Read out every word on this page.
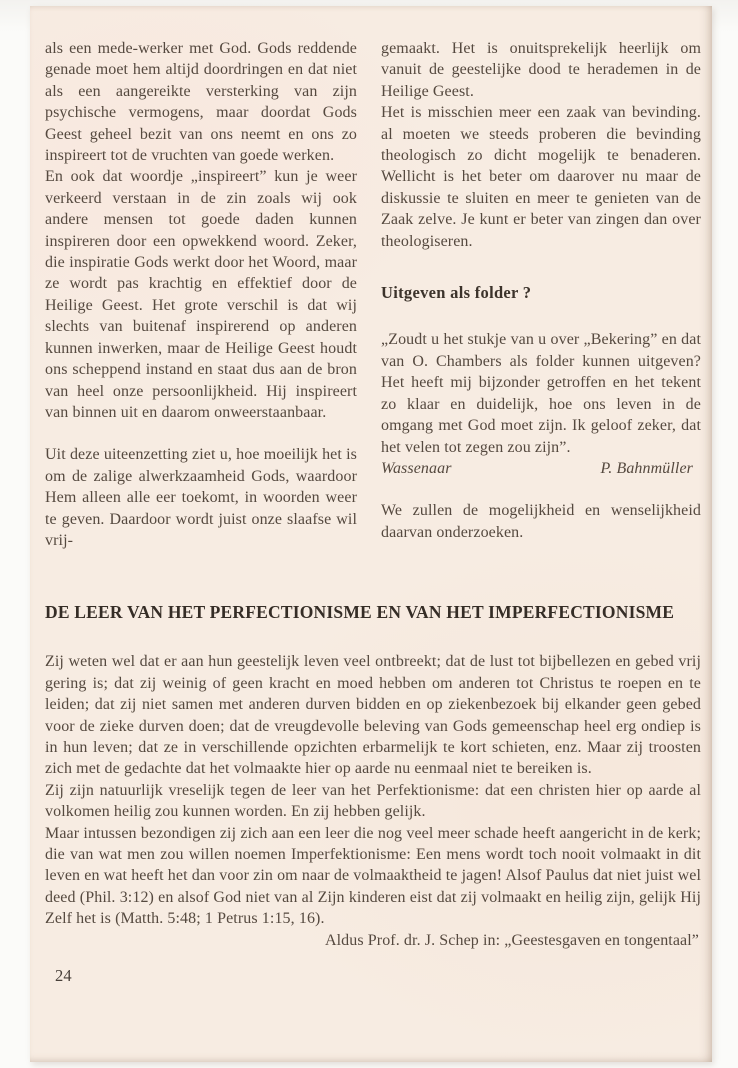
als een mede-werker met God. Gods reddende genade moet hem altijd doordringen en dat niet als een aangereikte versterking van zijn psychische vermogens, maar doordat Gods Geest geheel bezit van ons neemt en ons zo inspireert tot de vruchten van goede werken.

En ook dat woordje „inspireert” kun je weer verkeerd verstaan in de zin zoals wij ook andere mensen tot goede daden kunnen inspireren door een opwekkend woord. Zeker, die inspiratie Gods werkt door het Woord, maar ze wordt pas krachtig en effektief door de Heilige Geest. Het grote verschil is dat wij slechts van buitenaf inspirerend op anderen kunnen inwerken, maar de Heilige Geest houdt ons scheppend instand en staat dus aan de bron van heel onze persoonlijkheid. Hij inspireert van binnen uit en daarom onweerstaanbaar.

Uit deze uiteenzetting ziet u, hoe moeilijk het is om de zalige alwerkzaamheid Gods, waardoor Hem alleen alle eer toekomt, in woorden weer te geven. Daardoor wordt juist onze slaafse wil vrij-

gemaakt. Het is onuitsprekelijk heerlijk om vanuit de geestelijke dood te herademen in de Heilige Geest.

Het is misschien meer een zaak van bevinding. al moeten we steeds proberen die bevinding theologisch zo dicht mogelijk te benaderen. Wellicht is het beter om daarover nu maar de diskussie te sluiten en meer te genieten van de Zaak zelve. Je kunt er beter van zingen dan over theologiseren.

Uitgeven als folder ?

„Zoudt u het stukje van u over „Bekering” en dat van O. Chambers als folder kunnen uitgeven? Het heeft mij bijzonder getroffen en het tekent zo klaar en duidelijk, hoe ons leven in de omgang met God moet zijn. Ik geloof zeker, dat het velen tot zegen zou zijn”.

Wassenaar	P. Bahnmüller

We zullen de mogelijkheid en wenselijkheid daarvan onderzoeken.

DE LEER VAN HET PERFECTIONISME EN VAN HET IMPERFECTIONISME

Zij weten wel dat er aan hun geestelijk leven veel ontbreekt; dat de lust tot bijbellezen en gebed vrij gering is; dat zij weinig of geen kracht en moed hebben om anderen tot Christus te roepen en te leiden; dat zij niet samen met anderen durven bidden en op ziekenbezoek bij elkander geen gebed voor de zieke durven doen; dat de vreugdevolle beleving van Gods gemeenschap heel erg ondiep is in hun leven; dat ze in verschillende opzichten erbarmelijk te kort schieten, enz. Maar zij troosten zich met de gedachte dat het volmaakte hier op aarde nu eenmaal niet te bereiken is.

Zij zijn natuurlijk vreselijk tegen de leer van het Perfektionisme: dat een christen hier op aarde al volkomen heilig zou kunnen worden. En zij hebben gelijk.

Maar intussen bezondigen zij zich aan een leer die nog veel meer schade heeft aangericht in de kerk; die van wat men zou willen noemen Imperfektionisme: Een mens wordt toch nooit volmaakt in dit leven en wat heeft het dan voor zin om naar de volmaaktheid te jagen! Alsof Paulus dat niet juist wel deed (Phil. 3:12) en alsof God niet van al Zijn kinderen eist dat zij volmaakt en heilig zijn, gelijk Hij Zelf het is (Matth. 5:48; 1 Petrus 1:15, 16).

Aldus Prof. dr. J. Schep in: „Geestesgaven en tongentaal”

24
